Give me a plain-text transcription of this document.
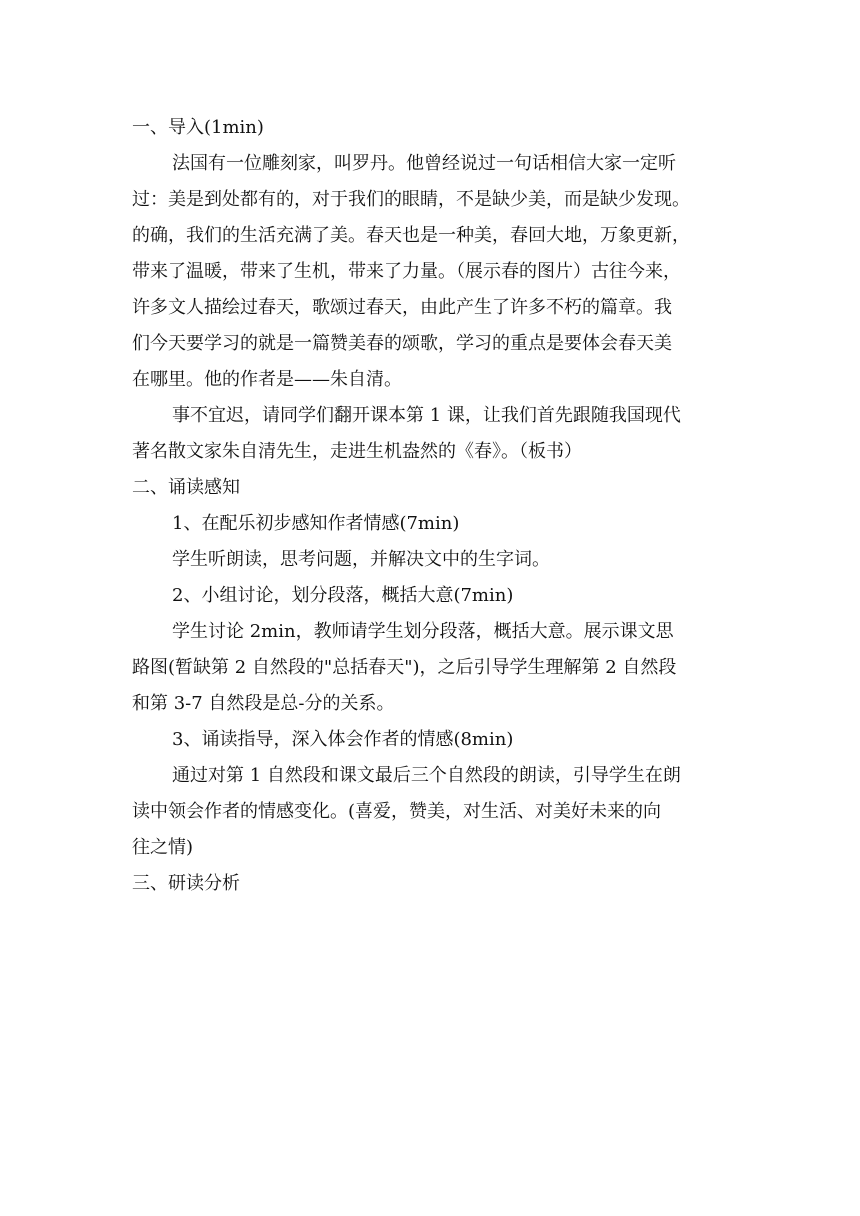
一、导入(1min)
法国有一位雕刻家，叫罗丹。他曾经说过一句话相信大家一定听
过：美是到处都有的，对于我们的眼睛，不是缺少美，而是缺少发现。
的确，我们的生活充满了美。春天也是一种美，春回大地，万象更新，
带来了温暖，带来了生机，带来了力量。（展示春的图片）古往今来，
许多文人描绘过春天，歌颂过春天，由此产生了许多不朽的篇章。我
们今天要学习的就是一篇赞美春的颂歌，学习的重点是要体会春天美
在哪里。他的作者是——朱自清。
事不宜迟，请同学们翻开课本第 1 课，让我们首先跟随我国现代
著名散文家朱自清先生，走进生机盎然的《春》。（板书）
二、诵读感知
1、在配乐初步感知作者情感(7min)
学生听朗读，思考问题，并解决文中的生字词。
2、小组讨论，划分段落，概括大意(7min)
学生讨论 2min，教师请学生划分段落，概括大意。展示课文思
路图(暂缺第 2 自然段的"总括春天")，之后引导学生理解第 2 自然段
和第 3-7 自然段是总-分的关系。
3、诵读指导，深入体会作者的情感(8min)
通过对第 1 自然段和课文最后三个自然段的朗读，引导学生在朗
读中领会作者的情感变化。(喜爱，赞美，对生活、对美好未来的向
往之情)
三、研读分析
